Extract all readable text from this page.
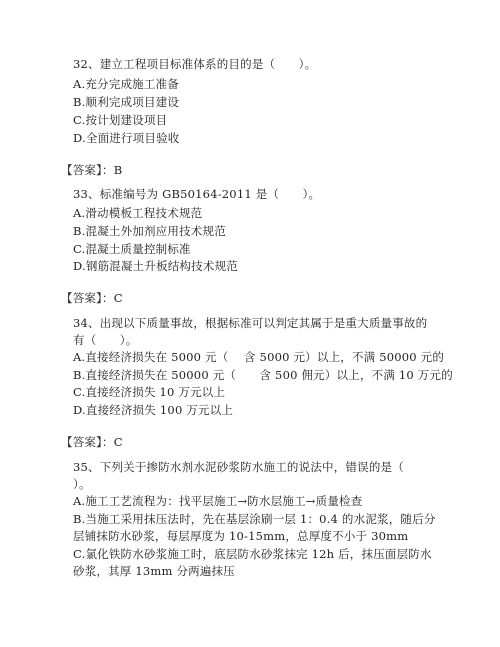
32、建立工程项目标准体系的目的是（　　）。
A.充分完成施工准备
B.顺利完成项目建设
C.按计划建设项目
D.全面进行项目验收
【答案】：B
33、标准编号为 GB50164-2011 是（　　）。
A.滑动模板工程技术规范
B.混凝土外加剂应用技术规范
C.混凝土质量控制标准
D.钢筋混凝土升板结构技术规范
【答案】：C
34、出现以下质量事故，根据标准可以判定其属于是重大质量事故的
有（　　）。
A.直接经济损失在 5000 元（　 含 5000 元）以上，不满 50000 元的
B.直接经济损失在 50000 元（　　含 500 佣元）以上，不满 10 万元的
C.直接经济损失 10 万元以上
D.直接经济损失 100 万元以上
【答案】：C
35、下列关于掺防水剂水泥砂浆防水施工的说法中，错误的是（
）。
A.施工工艺流程为：找平层施工→防水层施工→质量检查
B.当施工采用抹压法时，先在基层涂刷一层 1：0.4 的水泥浆，随后分
层铺抹防水砂浆，每层厚度为 10-15mm，总厚度不小于 30mm
C.氯化铁防水砂浆施工时，底层防水砂浆抹完 12h 后，抹压面层防水
砂浆，其厚 13mm 分两遍抹压
